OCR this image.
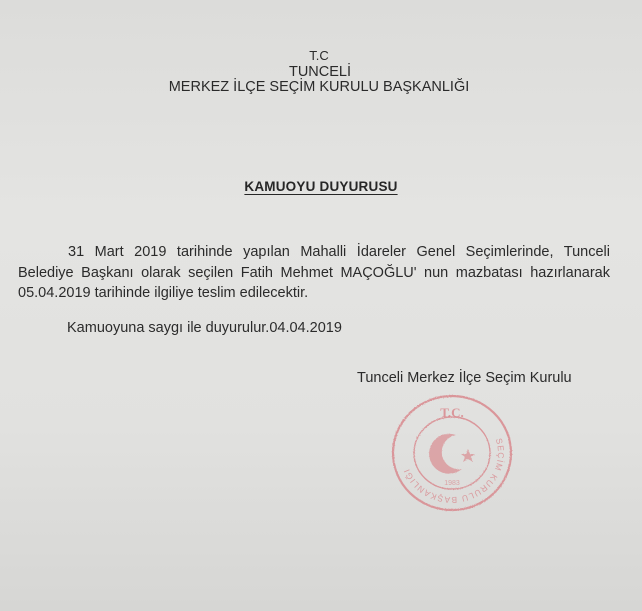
T.C
TUNCELİ
MERKEZ İLÇE SEÇİM KURULU BAŞKANLIĞI
KAMUOYU DUYURUSU
31 Mart 2019 tarihinde yapılan Mahalli İdareler Genel Seçimlerinde, Tunceli Belediye Başkanı olarak seçilen Fatih Mehmet MAÇOĞLU' nun mazbatası hazırlanarak 05.04.2019 tarihinde ilgiliye teslim edilecektir.
Kamuoyuna saygı ile duyurulur.04.04.2019
Tunceli Merkez İlçe Seçim Kurulu
SEÇİM KURULU BAŞKANLIĞI
T.C.
1983
